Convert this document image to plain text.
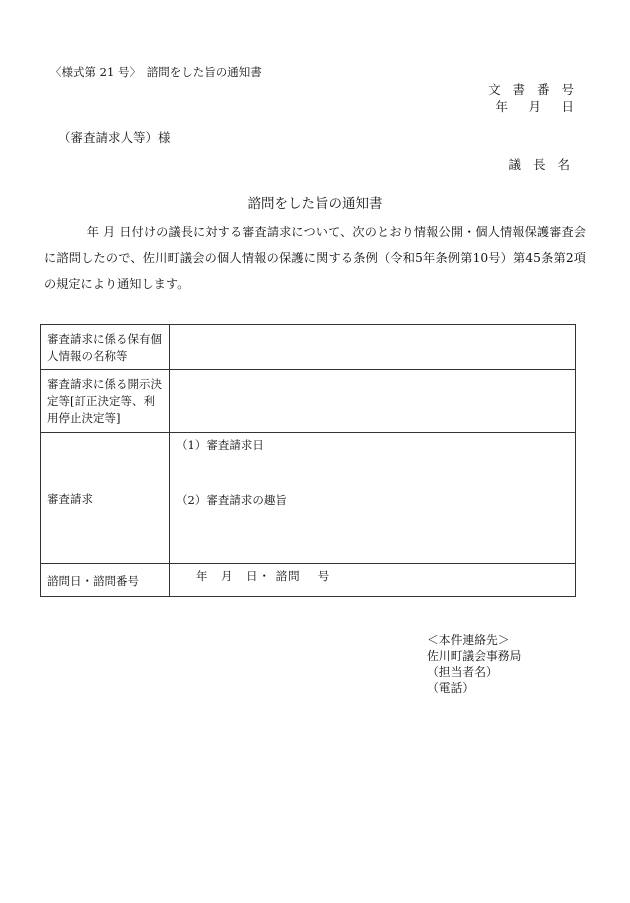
〈様式第 21 号〉　諮問をした旨の通知書
文 書 番 号
年　月　日
（審査請求人等）様
議 長 名
諮問をした旨の通知書
年 月 日付けの議長に対する審査請求について、次のとおり情報公開・個人情報保護審査会に諮問したので、佐川町議会の個人情報の保護に関する条例（令和5年条例第10号）第45条第2項の規定により通知します。
審査請求に係る保有個人情報の名称等	
審査請求に係る開示決定等[訂正決定等、利用停止決定等]	
審査請求	（1）審査請求日
（2）審査請求の趣旨

諮問日・諮問番号	年　月　日・ 諮問　 号
＜本件連絡先＞
佐川町議会事務局
（担当者名）
（電話）
